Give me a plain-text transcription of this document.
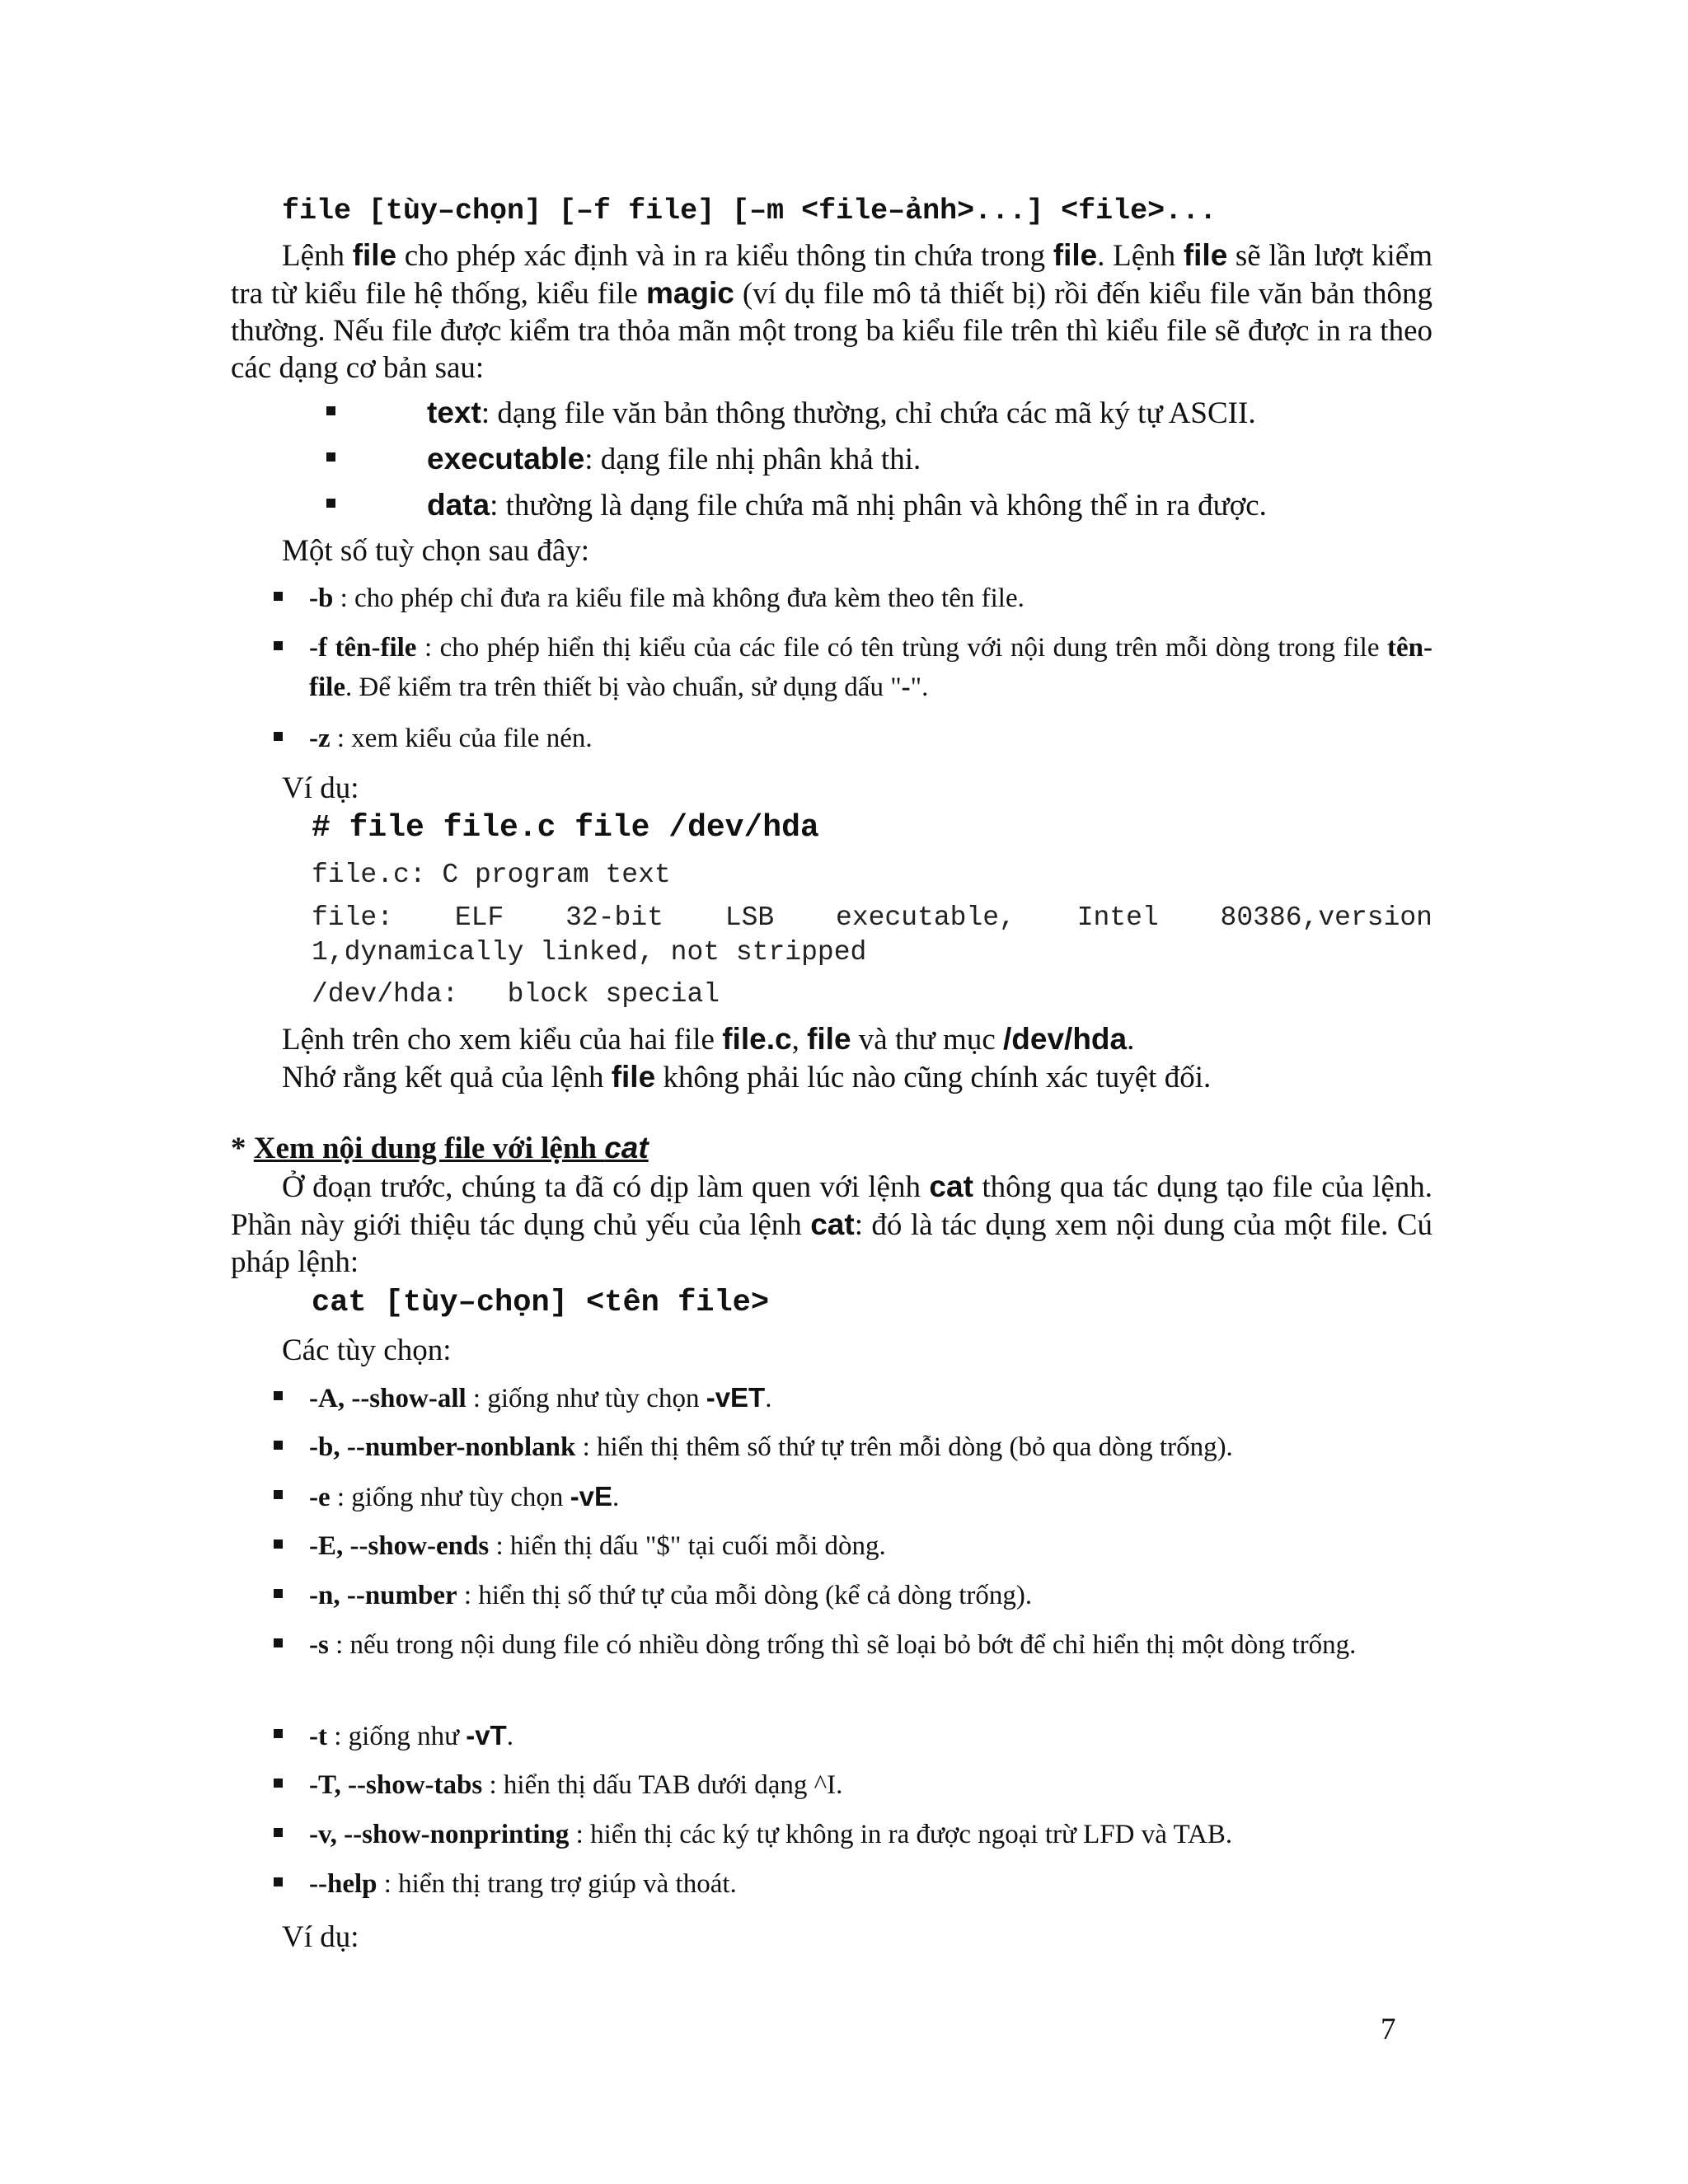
file [tùy–chọn] [–f file] [–m <file–ảnh>...] <file>...

Lệnh file cho phép xác định và in ra kiểu thông tin chứa trong file. Lệnh file sẽ lần lượt kiểm tra từ kiểu file hệ thống, kiểu file magic (ví dụ file mô tả thiết bị) rồi đến kiểu file văn bản thông thường. Nếu file được kiểm tra thỏa mãn một trong ba kiểu file trên thì kiểu file sẽ được in ra theo các dạng cơ bản sau:

text: dạng file văn bản thông thường, chỉ chứa các mã ký tự ASCII.
executable: dạng file nhị phân khả thi.
data: thường là dạng file chứa mã nhị phân và không thể in ra được.
Một số tuỳ chọn sau đây:
-b : cho phép chỉ đưa ra kiểu file mà không đưa kèm theo tên file.
-f tên-file : cho phép hiển thị kiểu của các file có tên trùng với nội dung trên mỗi dòng trong file tên-file. Để kiểm tra trên thiết bị vào chuẩn, sử dụng dấu "-".
-z : xem kiểu của file nén.
Ví dụ:
# file file.c file /dev/hda
file.c: C program text
file: ELF 32-bit LSB executable, Intel 80386,version
1,dynamically linked, not stripped
/dev/hda:   block special
Lệnh trên cho xem kiểu của hai file file.c, file và thư mục /dev/hda.
Nhớ rằng kết quả của lệnh file không phải lúc nào cũng chính xác tuyệt đối.
* Xem nội dung file với lệnh cat

Ở đoạn trước, chúng ta đã có dịp làm quen với lệnh cat thông qua tác dụng tạo file của lệnh. Phần này giới thiệu tác dụng chủ yếu của lệnh cat: đó là tác dụng xem nội dung của một file. Cú pháp lệnh:

cat [tùy–chọn] <tên file>
Các tùy chọn:
-A, --show-all : giống như tùy chọn -vET.
-b, --number-nonblank : hiển thị thêm số thứ tự trên mỗi dòng (bỏ qua dòng trống).
-e : giống như tùy chọn -vE.
-E, --show-ends : hiển thị dấu "$" tại cuối mỗi dòng.
-n, --number : hiển thị số thứ tự của mỗi dòng (kể cả dòng trống).
-s : nếu trong nội dung file có nhiều dòng trống thì sẽ loại bỏ bớt để chỉ hiển thị một dòng trống.
-t : giống như -vT.
-T, --show-tabs : hiển thị dấu TAB dưới dạng ^I.
-v, --show-nonprinting : hiển thị các ký tự không in ra được ngoại trừ LFD và TAB.
--help : hiển thị trang trợ giúp và thoát.
Ví dụ:
7
